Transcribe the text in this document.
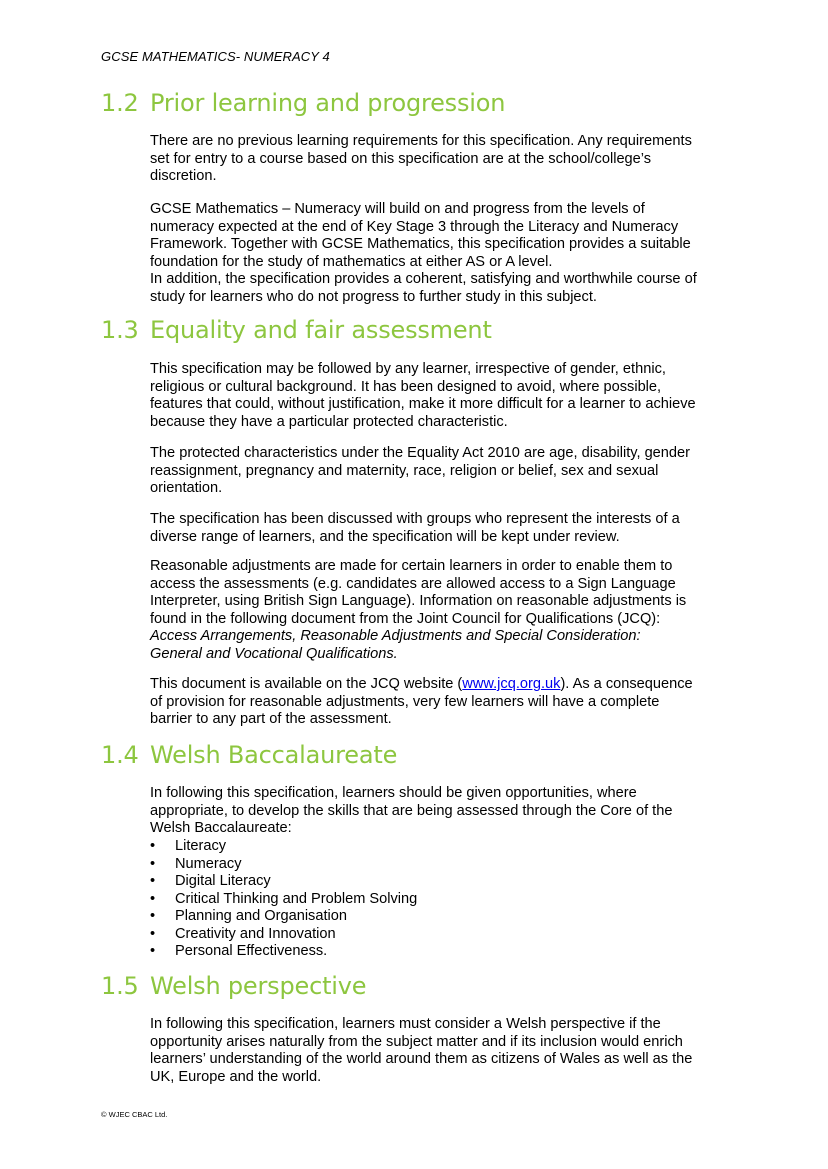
GCSE MATHEMATICS- NUMERACY 4
1.2 Prior learning and progression

There are no previous learning requirements for this specification. Any requirements
set for entry to a course based on this specification are at the school/college’s
discretion.

GCSE Mathematics – Numeracy will build on and progress from the levels of
numeracy expected at the end of Key Stage 3 through the Literacy and Numeracy
Framework. Together with GCSE Mathematics, this specification provides a suitable
foundation for the study of mathematics at either AS or A level.
In addition, the specification provides a coherent, satisfying and worthwhile course of
study for learners who do not progress to further study in this subject.

1.3 Equality and fair assessment

This specification may be followed by any learner, irrespective of gender, ethnic,
religious or cultural background. It has been designed to avoid, where possible,
features that could, without justification, make it more difficult for a learner to achieve
because they have a particular protected characteristic.

The protected characteristics under the Equality Act 2010 are age, disability, gender
reassignment, pregnancy and maternity, race, religion or belief, sex and sexual
orientation.

The specification has been discussed with groups who represent the interests of a
diverse range of learners, and the specification will be kept under review.

Reasonable adjustments are made for certain learners in order to enable them to
access the assessments (e.g. candidates are allowed access to a Sign Language
Interpreter, using British Sign Language). Information on reasonable adjustments is
found in the following document from the Joint Council for Qualifications (JCQ):
Access Arrangements, Reasonable Adjustments and Special Consideration:
General and Vocational Qualifications.

This document is available on the JCQ website (www.jcq.org.uk). As a consequence
of provision for reasonable adjustments, very few learners will have a complete
barrier to any part of the assessment.

1.4 Welsh Baccalaureate

In following this specification, learners should be given opportunities, where
appropriate, to develop the skills that are being assessed through the Core of the
Welsh Baccalaureate:

• Literacy
• Numeracy
• Digital Literacy
• Critical Thinking and Problem Solving
• Planning and Organisation
• Creativity and Innovation
• Personal Effectiveness.
1.5 Welsh perspective

In following this specification, learners must consider a Welsh perspective if the
opportunity arises naturally from the subject matter and if its inclusion would enrich
learners’ understanding of the world around them as citizens of Wales as well as the
UK, Europe and the world.

© WJEC CBAC Ltd.
